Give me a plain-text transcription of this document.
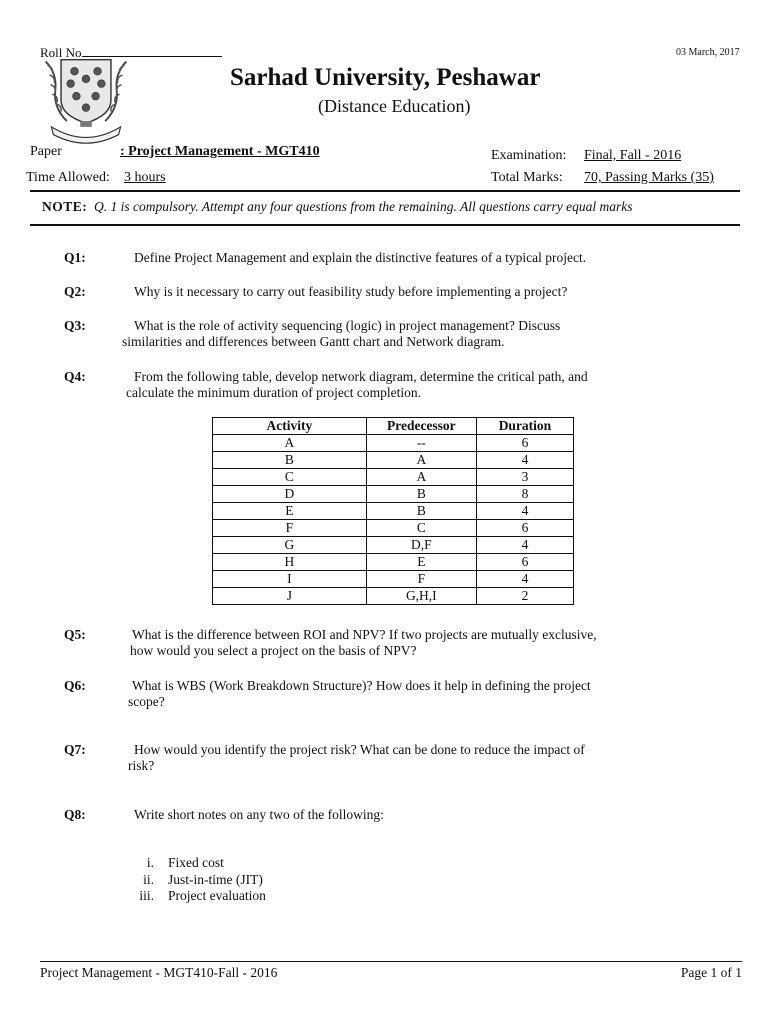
Roll No	03 March, 2017
Sarhad University, Peshawar
(Distance Education)
Paper	: Project Management - MGT410
Time Allowed: 3 hours
Examination: Final, Fall - 2016
Total Marks: 70, Passing Marks (35)
NOTE: Q. 1 is compulsory. Attempt any four questions from the remaining. All questions carry equal marks
Q1:	Define Project Management and explain the distinctive features of a typical project.
Q2:	Why is it necessary to carry out feasibility study before implementing a project?
Q3:	What is the role of activity sequencing (logic) in project management? Discuss
similarities and differences between Gantt chart and Network diagram.
Q4:	From the following table, develop network diagram, determine the critical path, and
calculate the minimum duration of project completion.
Activity	Predecessor	Duration
A	--	6
B	A	4
C	A	3
D	B	8
E	B	4
F	C	6
G	D,F	4
H	E	6
I	F	4
J	G,H,I	2
Q5:	What is the difference between ROI and NPV? If two projects are mutually exclusive,
how would you select a project on the basis of NPV?
Q6:	What is WBS (Work Breakdown Structure)? How does it help in defining the project
scope?
Q7:	How would you identify the project risk? What can be done to reduce the impact of
risk?
Q8:	Write short notes on any two of the following:
i. Fixed cost
ii. Just-in-time (JIT)
iii. Project evaluation
Project Management - MGT410-Fall - 2016	Page 1 of 1
